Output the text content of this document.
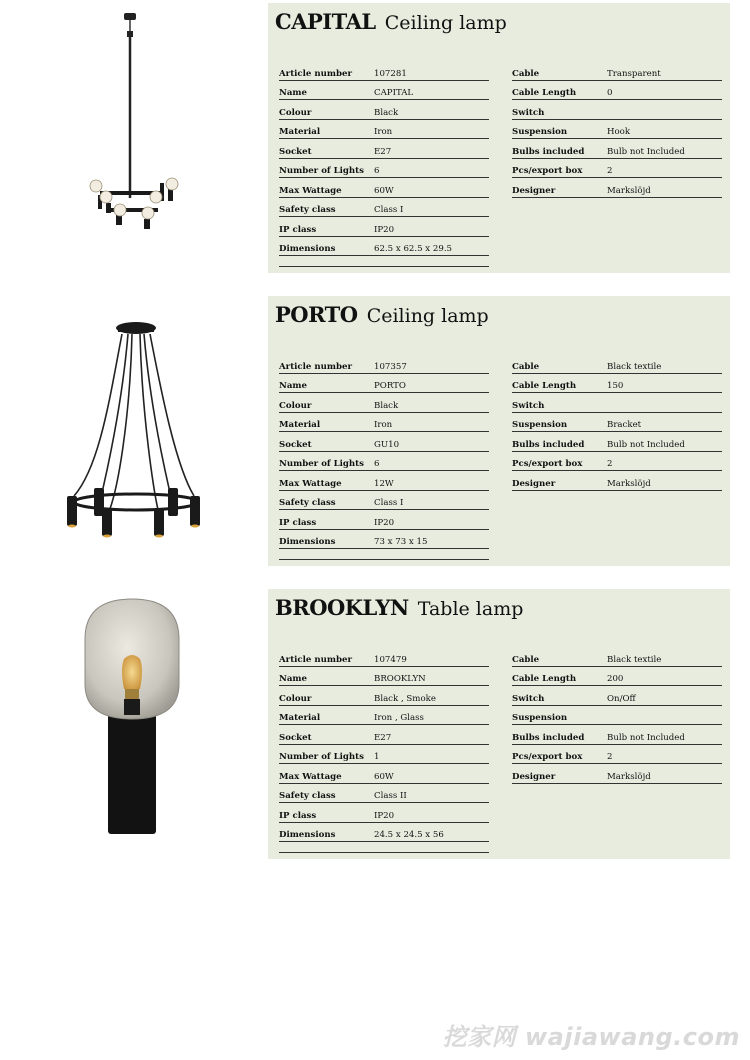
CAPITAL Ceiling lamp
Article number	107281
Name	CAPITAL
Colour	Black
Material	Iron
Socket	E27
Number of Lights	6
Max Wattage	60W
Safety class	Class I
IP class	IP20
Dimensions	62.5 x 62.5 x 29.5
Cable	Transparent
Cable Length	0
Switch
Suspension	Hook
Bulbs included	Bulb not Included
Pcs/export box	2
Designer	Markslöjd
PORTO Ceiling lamp
Article number	107357
Name	PORTO
Colour	Black
Material	Iron
Socket	GU10
Number of Lights	6
Max Wattage	12W
Safety class	Class I
IP class	IP20
Dimensions	73 x 73 x 15
Cable	Black textile
Cable Length	150
Switch
Suspension	Bracket
Bulbs included	Bulb not Included
Pcs/export box	2
Designer	Markslöjd
BROOKLYN Table lamp
Article number	107479
Name	BROOKLYN
Colour	Black , Smoke
Material	Iron , Glass
Socket	E27
Number of Lights	1
Max Wattage	60W
Safety class	Class II
IP class	IP20
Dimensions	24.5 x 24.5 x 56
Cable	Black textile
Cable Length	200
Switch	On/Off
Suspension
Bulbs included	Bulb not Included
Pcs/export box	2
Designer	Markslöjd
挖家网 wajiawang.com
